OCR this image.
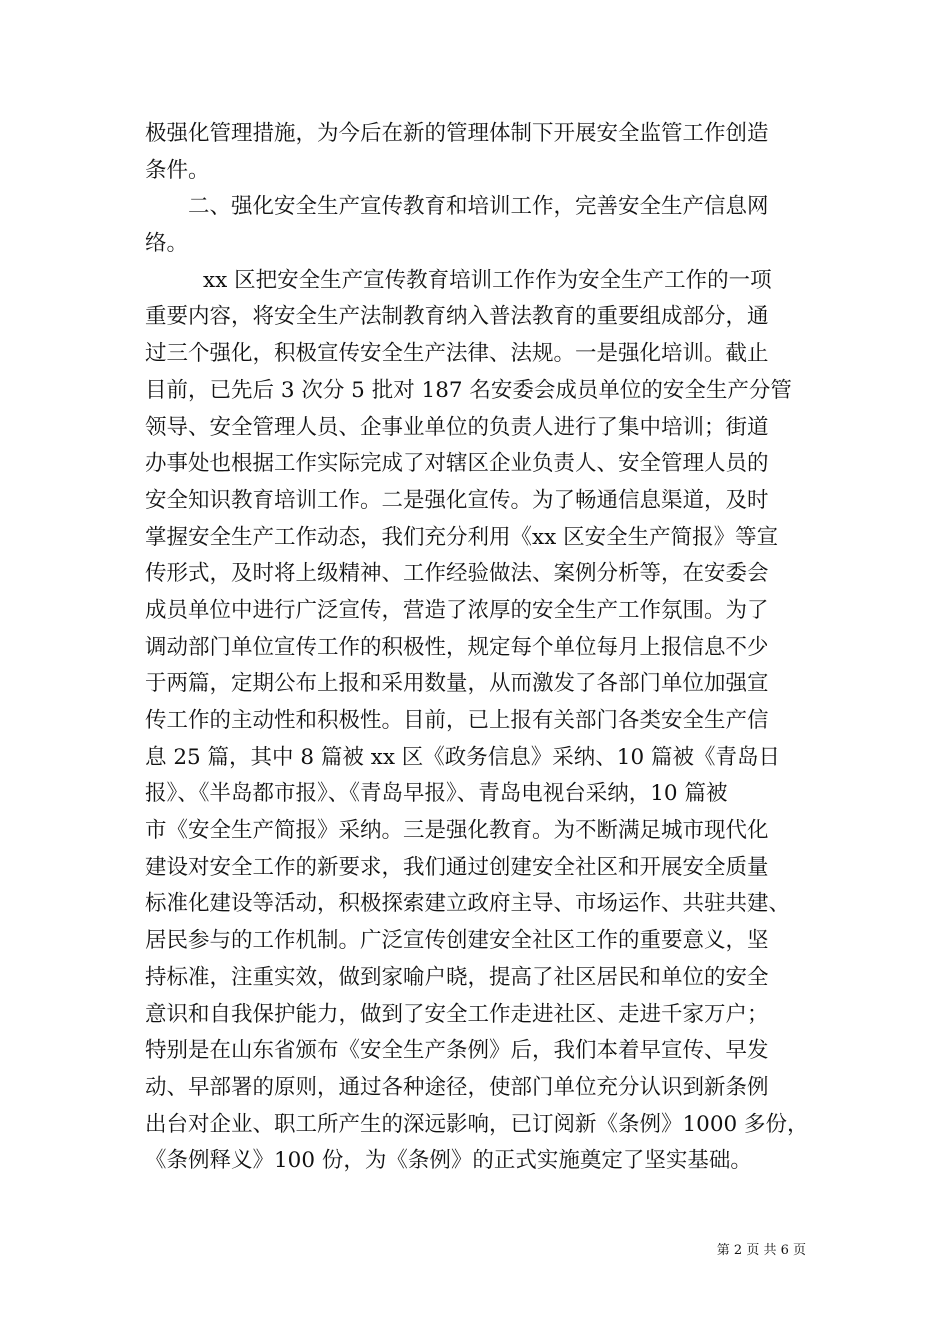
极强化管理措施，为今后在新的管理体制下开展安全监管工作创造
条件。
二、强化安全生产宣传教育和培训工作，完善安全生产信息网
络。
xx 区把安全生产宣传教育培训工作作为安全生产工作的一项
重要内容，将安全生产法制教育纳入普法教育的重要组成部分，通
过三个强化，积极宣传安全生产法律、法规。一是强化培训。截止
目前，已先后 3 次分 5 批对 187 名安委会成员单位的安全生产分管
领导、安全管理人员、企事业单位的负责人进行了集中培训；街道
办事处也根据工作实际完成了对辖区企业负责人、安全管理人员的
安全知识教育培训工作。二是强化宣传。为了畅通信息渠道，及时
掌握安全生产工作动态，我们充分利用《xx 区安全生产简报》等宣
传形式，及时将上级精神、工作经验做法、案例分析等，在安委会
成员单位中进行广泛宣传，营造了浓厚的安全生产工作氛围。为了
调动部门单位宣传工作的积极性，规定每个单位每月上报信息不少
于两篇，定期公布上报和采用数量，从而激发了各部门单位加强宣
传工作的主动性和积极性。目前，已上报有关部门各类安全生产信
息 25 篇，其中 8 篇被 xx 区《政务信息》采纳、10 篇被《青岛日
报》、《半岛都市报》、《青岛早报》、青岛电视台采纳，10 篇被
市《安全生产简报》采纳。三是强化教育。为不断满足城市现代化
建设对安全工作的新要求，我们通过创建安全社区和开展安全质量
标准化建设等活动，积极探索建立政府主导、市场运作、共驻共建、
居民参与的工作机制。广泛宣传创建安全社区工作的重要意义，坚
持标准，注重实效，做到家喻户晓，提高了社区居民和单位的安全
意识和自我保护能力，做到了安全工作走进社区、走进千家万户；
特别是在山东省颁布《安全生产条例》后，我们本着早宣传、早发
动、早部署的原则，通过各种途径，使部门单位充分认识到新条例
出台对企业、职工所产生的深远影响，已订阅新《条例》1000 多份，
《条例释义》100 份，为《条例》的正式实施奠定了坚实基础。
第 2 页 共 6 页
